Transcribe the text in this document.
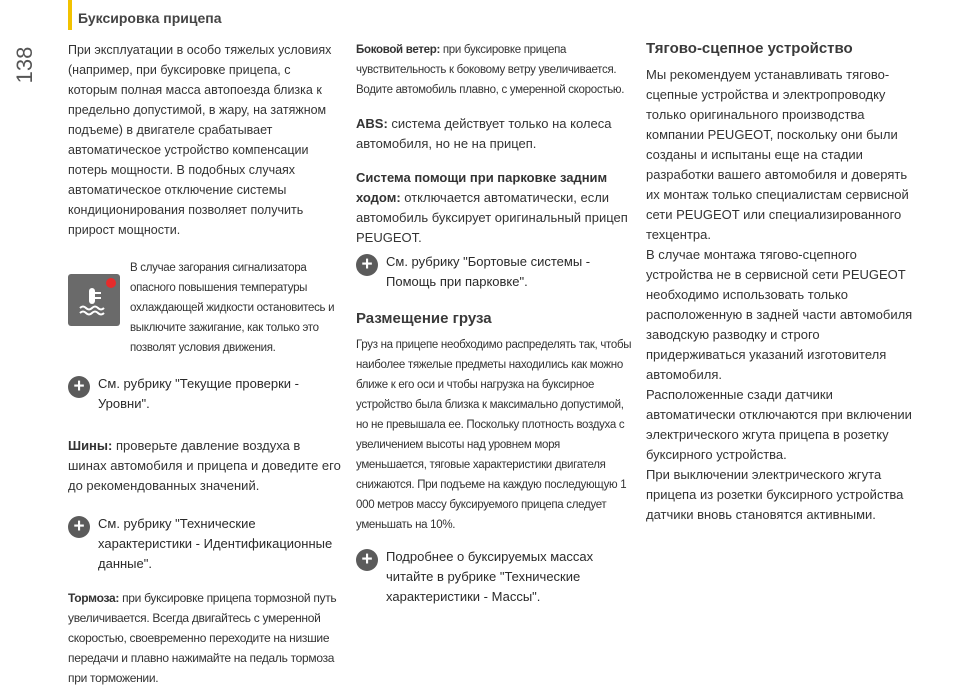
Буксировка прицепа
138 При эксплуатации в особо тяжелых условиях (например, при буксировке прицепа, с которым полная масса автопоезда близка к предельно допустимой, в жару, на затяжном подъеме) в двигателе срабатывает автоматическое устройство компенсации потерь мощности. В подобных случаях автоматическое отключение системы кондиционирования позволяет получить прирост мощности.

В случае загорания сигнализатора опасного повышения температуры охлаждающей жидкости остановитесь и выключите зажигание, как только это позволят условия движения.

+	См. рубрику "Текущие проверки - Уровни".

Шины: проверьте давление воздуха в шинах автомобиля и прицепа и доведите его до рекомендованных значений.

+	См. рубрику "Технические характеристики - Идентификационные данные".

Тормоза: при буксировке прицепа тормозной путь увеличивается. Всегда двигайтесь с умеренной скоростью, своевременно переходите на низшие передачи и плавно нажимайте на педаль тормоза при торможении.

Боковой ветер: при буксировке прицепа чувствительность к боковому ветру увеличивается. Водите автомобиль плавно, с умеренной скоростью.

ABS: система действует только на колеса автомобиля, но не на прицеп.

Система помощи при парковке задним ходом: отключается автоматически, если автомобиль буксирует оригинальный прицеп PEUGEOT.

+	См. рубрику "Бортовые системы - Помощь при парковке".

Размещение груза

Груз на прицепе необходимо распределять так, чтобы наиболее тяжелые предметы находились как можно ближе к его оси и чтобы нагрузка на буксирное устройство была близка к максимально допустимой, но не превышала ее. Поскольку плотность воздуха с увеличением высоты над уровнем моря уменьшается, тяговые характеристики двигателя снижаются. При подъеме на каждую последующую 1 000 метров массу буксируемого прицепа следует уменьшать на 10%.

+	Подробнее о буксируемых массах читайте в рубрике "Технические характеристики - Массы".

Тягово-сцепное устройство

Мы рекомендуем устанавливать тягово-сцепные устройства и электропроводку только оригинального производства компании PEUGEOT, поскольку они были созданы и испытаны еще на стадии разработки вашего автомобиля и доверять их монтаж только специалистам сервисной сети PEUGEOT или специализированного техцентра.

В случае монтажа тягово-сцепного устройства не в сервисной сети PEUGEOT необходимо использовать только расположенную в задней части автомобиля заводскую разводку и строго придерживаться указаний изготовителя автомобиля.

Расположенные сзади датчики автоматически отключаются при включении электрического жгута прицепа в розетку буксирного устройства.

При выключении электрического жгута прицепа из розетки буксирного устройства датчики вновь становятся активными.
